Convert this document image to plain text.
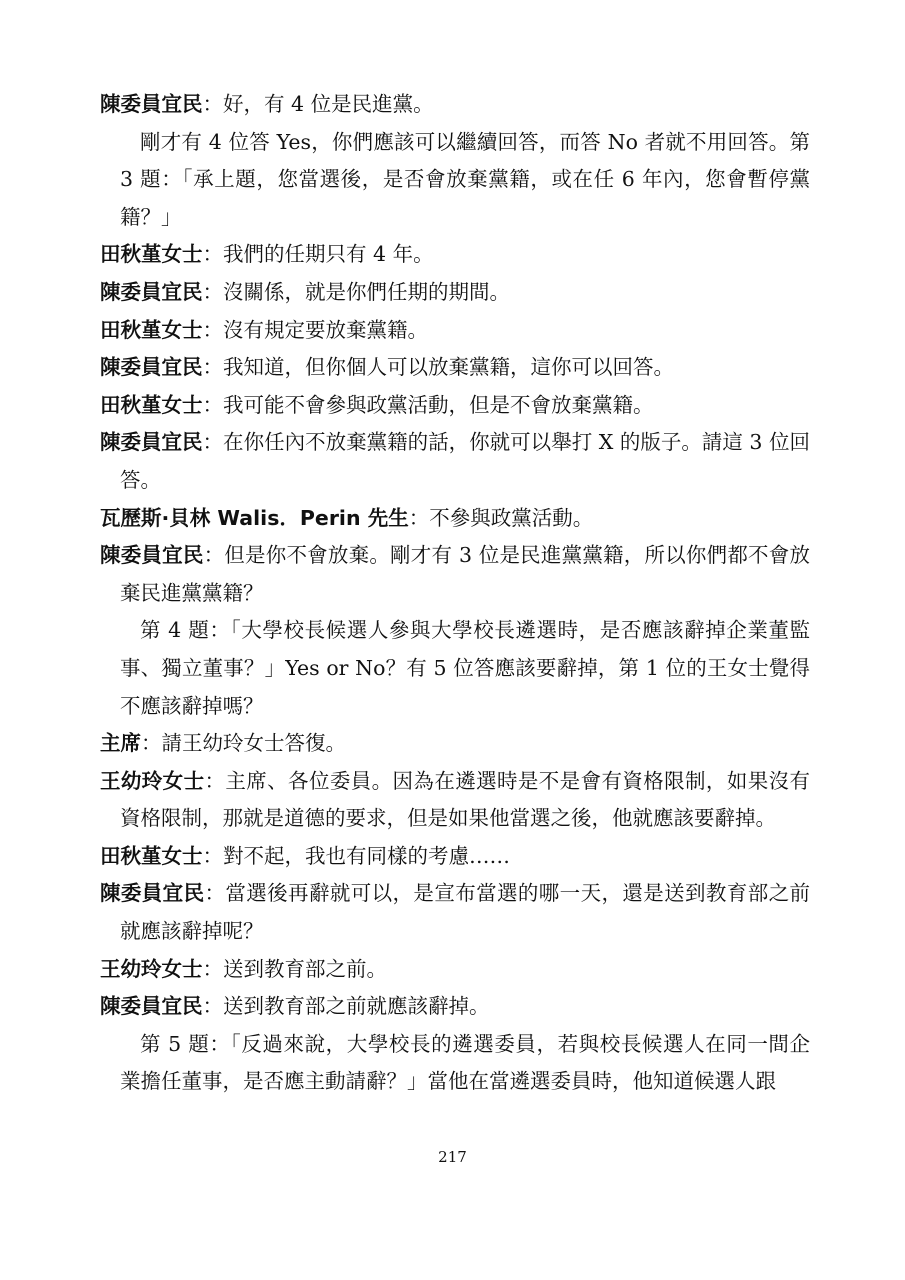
陳委員宜民：好，有 4 位是民進黨。

剛才有 4 位答 Yes，你們應該可以繼續回答，而答 No 者就不用回答。第 3 題：「承上題，您當選後，是否會放棄黨籍，或在任 6 年內，您會暫停黨籍？」

田秋堇女士：我們的任期只有 4 年。

陳委員宜民：沒關係，就是你們任期的期間。

田秋堇女士：沒有規定要放棄黨籍。

陳委員宜民：我知道，但你個人可以放棄黨籍，這你可以回答。

田秋堇女士：我可能不會參與政黨活動，但是不會放棄黨籍。

陳委員宜民：在你任內不放棄黨籍的話，你就可以舉打 X 的版子。請這 3 位回答。

瓦歷斯·貝林 Walis．Perin 先生：不參與政黨活動。

陳委員宜民：但是你不會放棄。剛才有 3 位是民進黨黨籍，所以你們都不會放棄民進黨黨籍？

第 4 題：「大學校長候選人參與大學校長遴選時，是否應該辭掉企業董監事、獨立董事？」Yes or No？有 5 位答應該要辭掉，第 1 位的王女士覺得不應該辭掉嗎？

主席：請王幼玲女士答復。

王幼玲女士：主席、各位委員。因為在遴選時是不是會有資格限制，如果沒有資格限制，那就是道德的要求，但是如果他當選之後，他就應該要辭掉。

田秋堇女士：對不起，我也有同樣的考慮……

陳委員宜民：當選後再辭就可以，是宣布當選的哪一天，還是送到教育部之前就應該辭掉呢？

王幼玲女士：送到教育部之前。

陳委員宜民：送到教育部之前就應該辭掉。

第 5 題：「反過來說，大學校長的遴選委員，若與校長候選人在同一間企業擔任董事，是否應主動請辭？」當他在當遴選委員時，他知道候選人跟

217
